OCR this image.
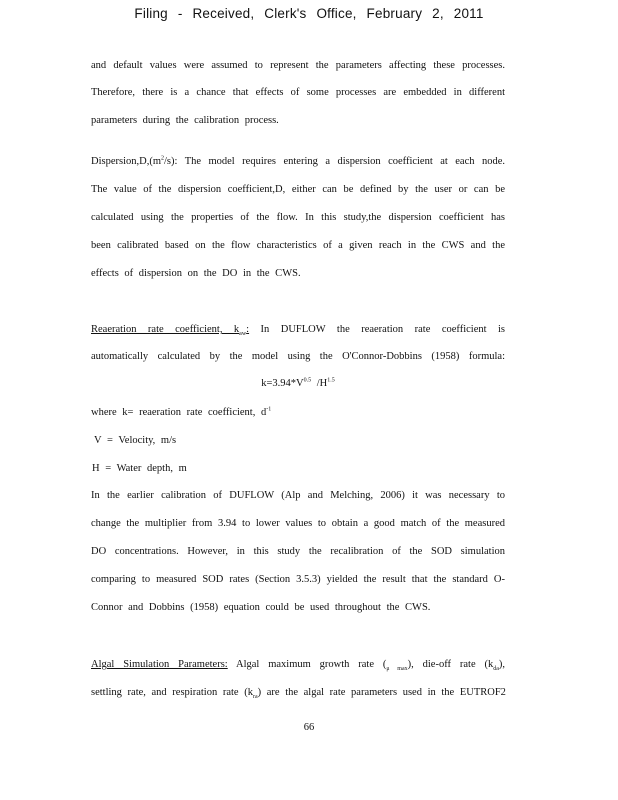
Filing - Received, Clerk's Office, February 2, 2011
and default values were assumed to represent the parameters affecting these processes.
Therefore, there is a chance that effects of some processes are embedded in different
parameters during the calibration process.
$Dispersion,D,(m^2/s)$: The model requires entering a dispersion coefficient at each node.
The value of the dispersion coefficient,D, either can be defined by the user or can be
calculated using the properties of the flow. In this study,the dispersion coefficient has
been calibrated based on the flow characteristics of a given reach in the CWS and the
effects of dispersion on the DO in the CWS.
Reaeration rate coefficient, $k_{aw}$: In DUFLOW the reaeration rate coefficient is
automatically calculated by the model using the O'Connor-Dobbins (1958) formula:
$k=3.94*V^{0.5}$ $/H^{1.5}$
where k= reaeration rate coefficient, $d^{-1}$
V = Velocity, m/s
H = Water depth, m
In the earlier calibration of DUFLOW (Alp and Melching, 2006) it was necessary to
change the multiplier from 3.94 to lower values to obtain a good match of the measured
DO concentrations. However, in this study the recalibration of the SOD simulation
comparing to measured SOD rates (Section 3.5.3) yielded the result that the standard O-
Connor and Dobbins (1958) equation could be used throughout the CWS.
Algal Simulation Parameters: Algal maximum growth rate $(_{\mu max})$, die-off rate $(k_{da})$,
settling rate, and respiration rate $(k_{ra})$ are the algal rate parameters used in the EUTROF2
66
